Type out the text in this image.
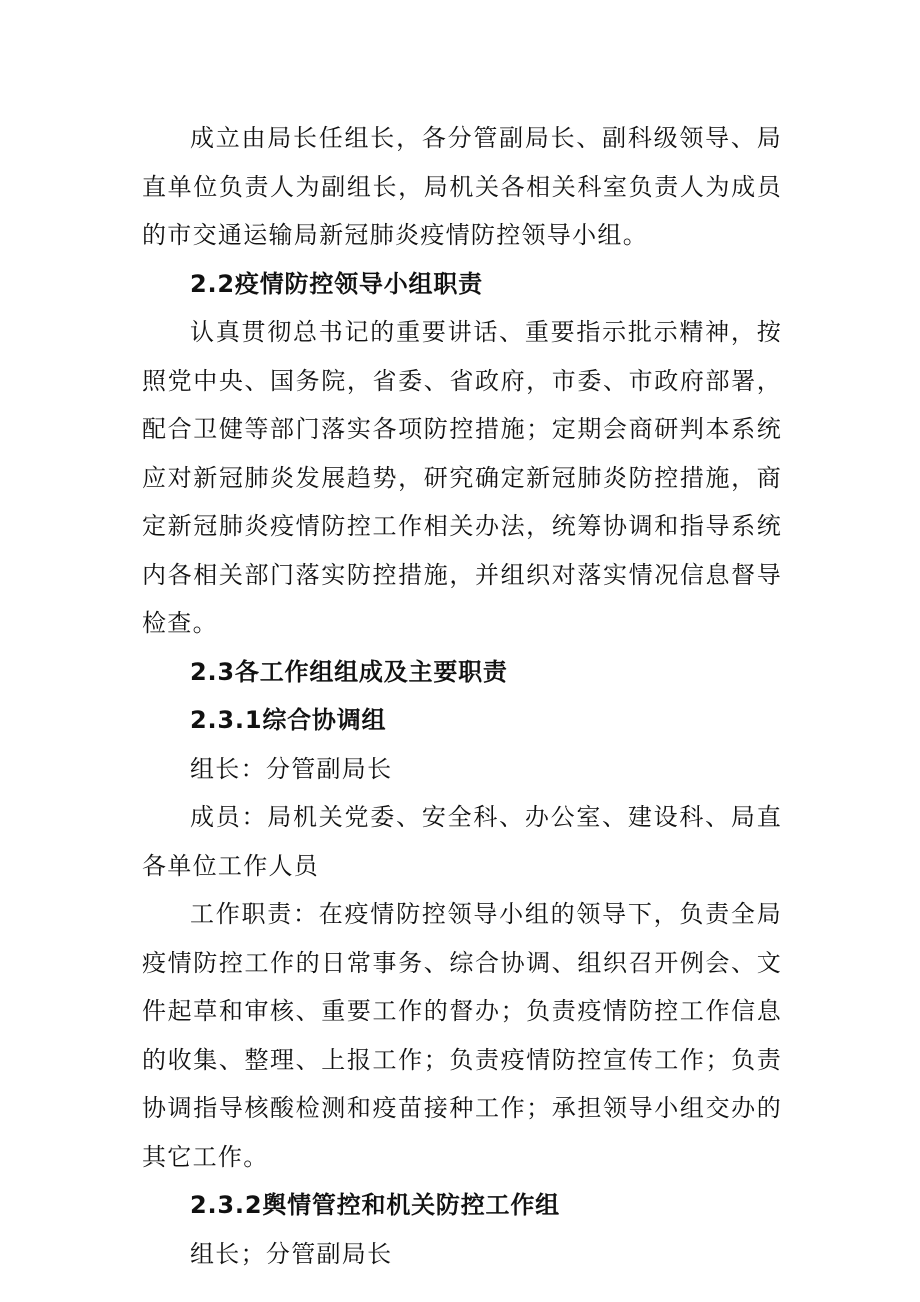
成立由局长任组长，各分管副局长、副科级领导、局直单位负责人为副组长，局机关各相关科室负责人为成员的市交通运输局新冠肺炎疫情防控领导小组。

2.2疫情防控领导小组职责

认真贯彻总书记的重要讲话、重要指示批示精神，按照党中央、国务院，省委、省政府，市委、市政府部署，配合卫健等部门落实各项防控措施；定期会商研判本系统应对新冠肺炎发展趋势，研究确定新冠肺炎防控措施，商定新冠肺炎疫情防控工作相关办法，统筹协调和指导系统内各相关部门落实防控措施，并组织对落实情况信息督导检查。

2.3各工作组组成及主要职责

2.3.1综合协调组

组长：分管副局长

成员：局机关党委、安全科、办公室、建设科、局直各单位工作人员

工作职责：在疫情防控领导小组的领导下，负责全局疫情防控工作的日常事务、综合协调、组织召开例会、文件起草和审核、重要工作的督办；负责疫情防控工作信息的收集、整理、上报工作；负责疫情防控宣传工作；负责协调指导核酸检测和疫苗接种工作；承担领导小组交办的其它工作。

2.3.2舆情管控和机关防控工作组

组长；分管副局长
